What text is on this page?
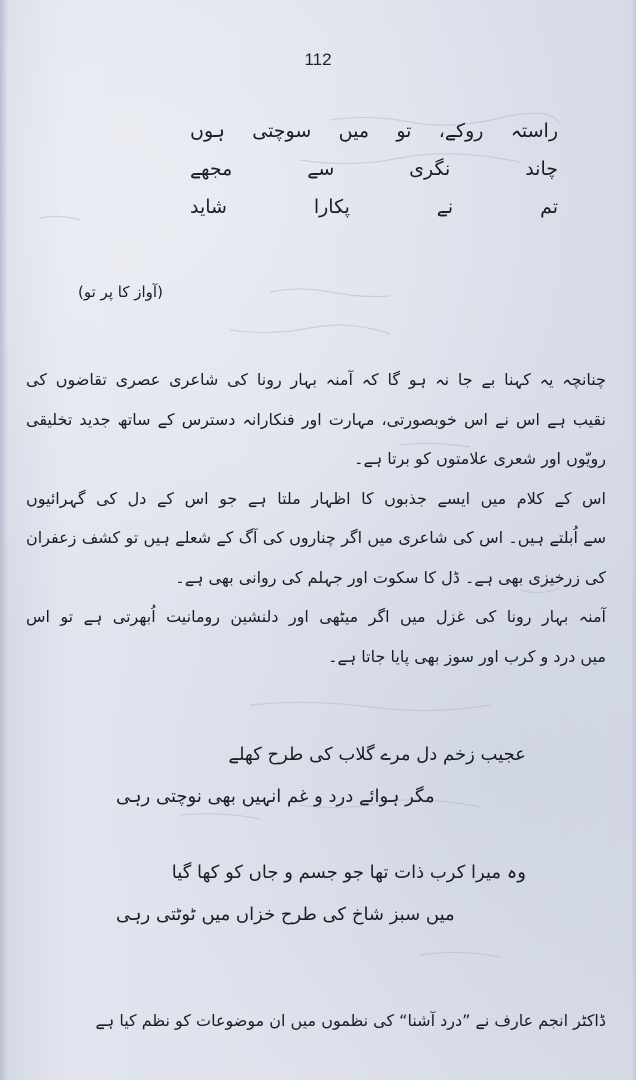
112
راستہ روکے، تو میں سوچتی ہوں
چاند نگری سے مجھے
تم نے پکارا شاید
(آواز کا پر تو)

چنانچہ یہ کہنا بے جا نہ ہو گا کہ آمنہ بہار رونا کی شاعری عصری تقاضوں کی
نقیب ہے اس نے اس خوبصورتی، مہارت اور فنکارانہ دسترس کے ساتھ جدید تخلیقی
رویّوں اور شعری علامتوں کو برتا ہے۔

اس کے کلام میں ایسے جذبوں کا اظہار ملتا ہے جو اس کے دل کی گہرائیوں
سے اُبلتے ہیں۔ اس کی شاعری میں اگر چناروں کی آگ کے شعلے ہیں تو کشف زعفران
کی زرخیزی بھی ہے۔ ڈل کا سکوت اور جہلم کی روانی بھی ہے۔

آمنہ بہار رونا کی غزل میں اگر میٹھی اور دلنشین رومانیت اُبھرتی ہے تو اس
میں درد و کرب اور سوز بھی پایا جاتا ہے۔

عجیب زخم دل مرے گلاب کی طرح کھلے
مگر ہوائے درد و غم انہیں بھی نوچتی رہی
وہ میرا کرب ذات تھا جو جسم و جاں کو کھا گیا
میں سبز شاخ کی طرح خزاں میں ٹوٹتی رہی
ڈاکٹر انجم عارف نے ”درد آشنا“ کی نظموں میں ان موضوعات کو نظم کیا ہے
